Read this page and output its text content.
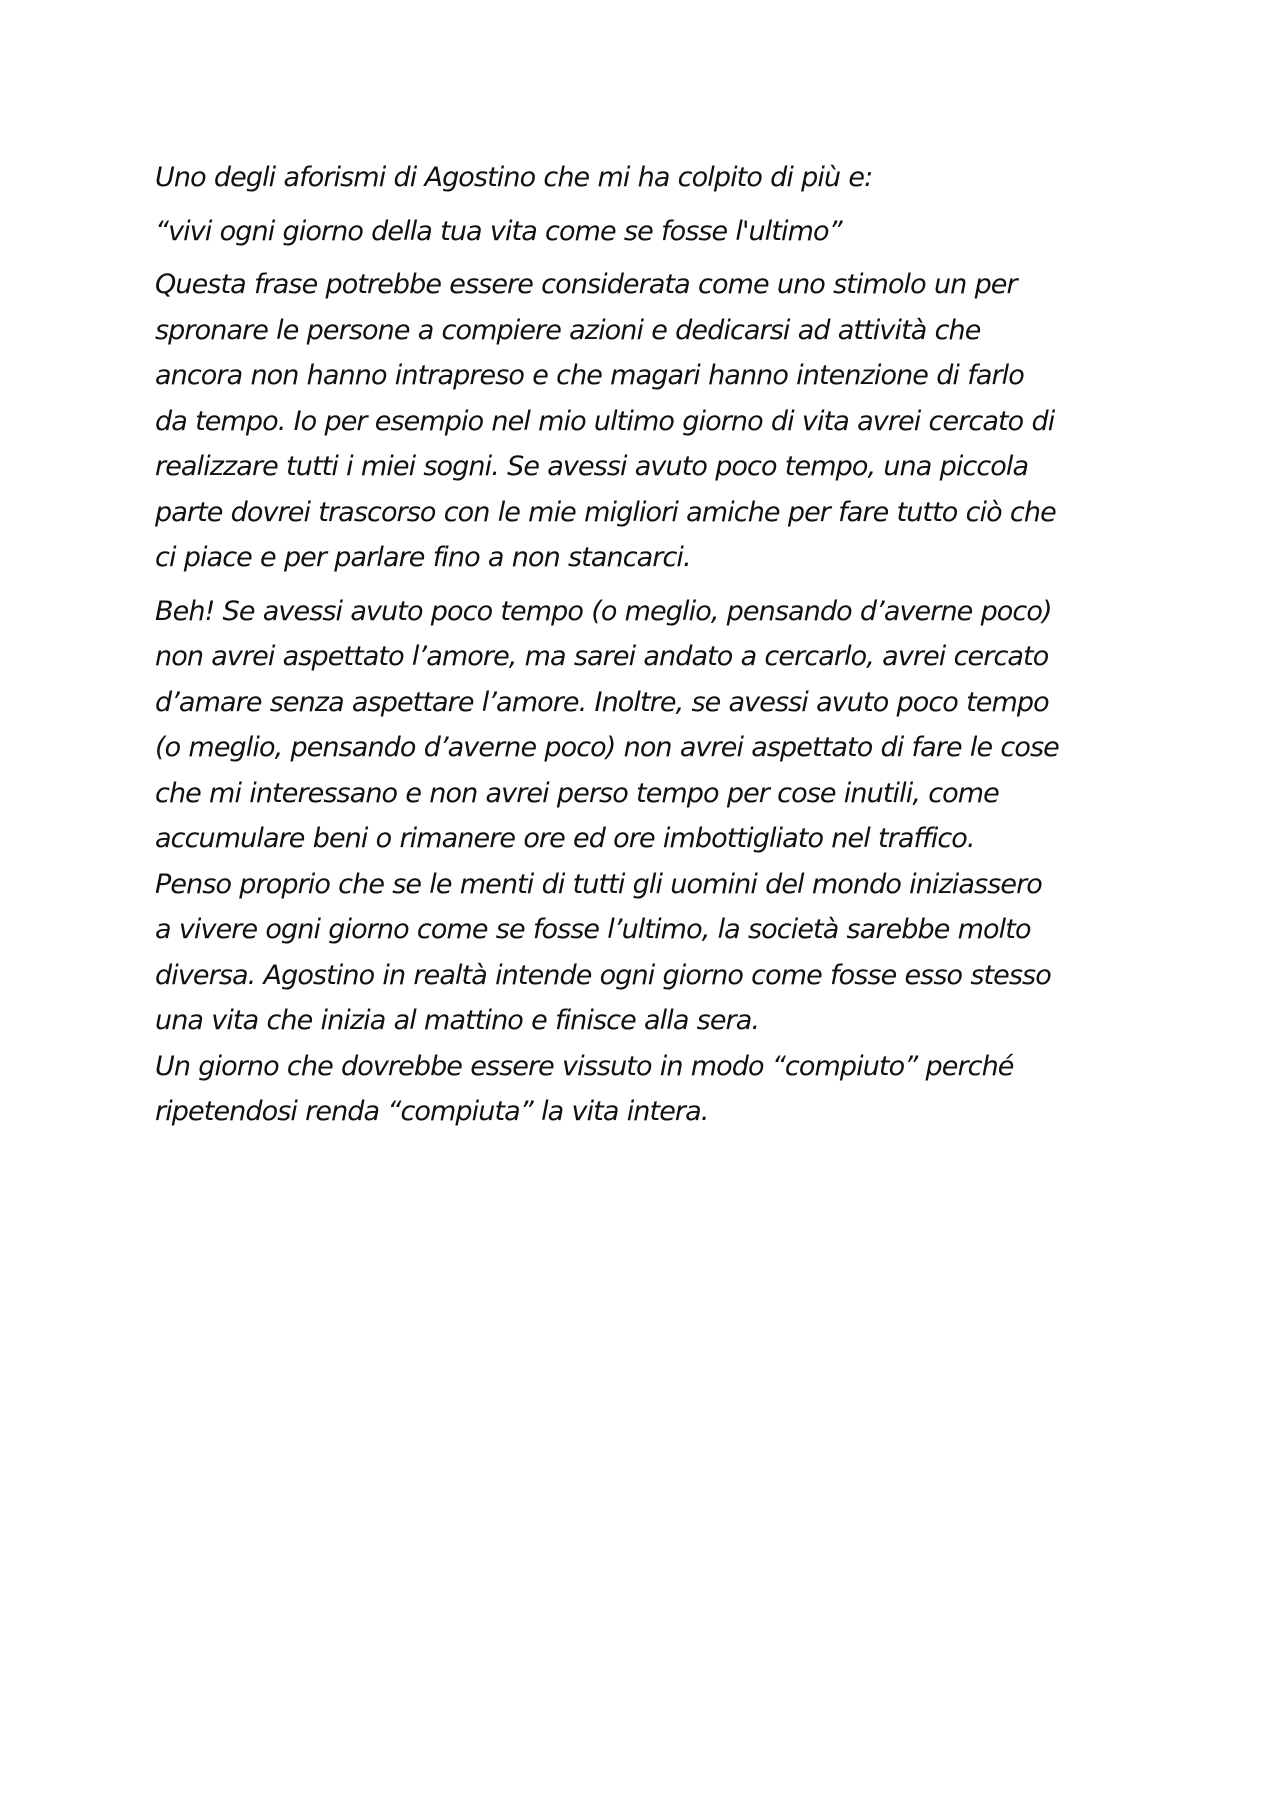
Uno degli aforismi di Agostino che mi ha colpito di più e:

“vivi ogni giorno della tua vita come se fosse l'ultimo”

Questa frase potrebbe essere considerata come uno stimolo un per
spronare le persone a compiere azioni e dedicarsi ad attività che
ancora non hanno intrapreso e che magari hanno intenzione di farlo
da tempo. Io per esempio nel mio ultimo giorno di vita avrei cercato di
realizzare tutti i miei sogni. Se avessi avuto poco tempo, una piccola
parte dovrei trascorso con le mie migliori amiche per fare tutto ciò che
ci piace e per parlare fino a non stancarci.

Beh! Se avessi avuto poco tempo (o meglio, pensando d’averne poco)
non avrei aspettato l’amore, ma sarei andato a cercarlo, avrei cercato
d’amare senza aspettare l’amore. Inoltre, se avessi avuto poco tempo
(o meglio, pensando d’averne poco) non avrei aspettato di fare le cose
che mi interessano e non avrei perso tempo per cose inutili, come
accumulare beni o rimanere ore ed ore imbottigliato nel traffico.
Penso proprio che se le menti di tutti gli uomini del mondo iniziassero
a vivere ogni giorno come se fosse l’ultimo, la società sarebbe molto
diversa. Agostino in realtà intende ogni giorno come fosse esso stesso
una vita che inizia al mattino e finisce alla sera.
Un giorno che dovrebbe essere vissuto in modo “compiuto” perché
ripetendosi renda “compiuta” la vita intera.
